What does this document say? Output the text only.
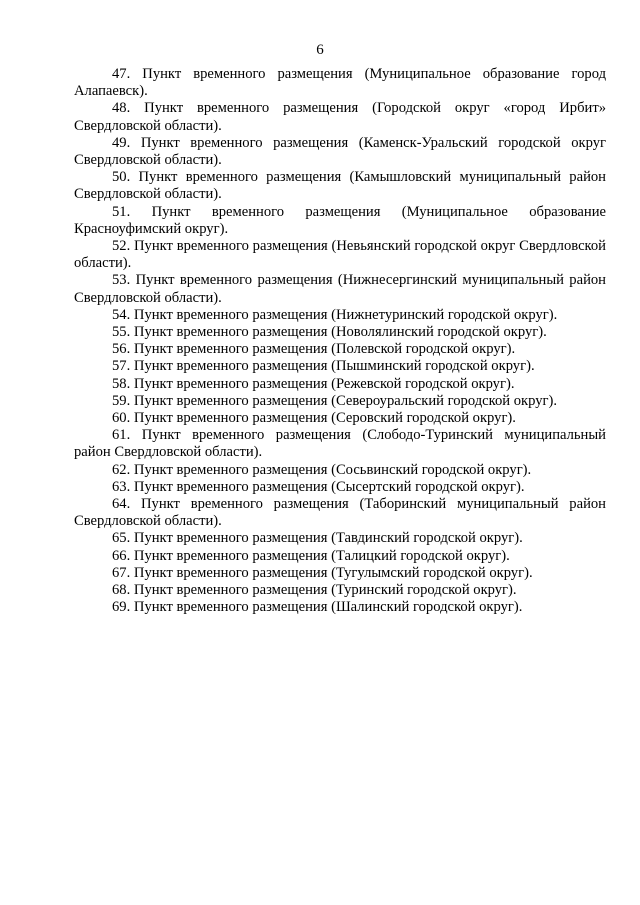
6

47. Пункт временного размещения (Муниципальное образование город Алапаевск).

48. Пункт временного размещения (Городской округ «город Ирбит» Свердловской области).

49. Пункт временного размещения (Каменск-Уральский городской округ Свердловской области).

50. Пункт временного размещения (Камышловский муниципальный район Свердловской области).

51. Пункт временного размещения (Муниципальное образование Красноуфимский округ).

52. Пункт временного размещения (Невьянский городской округ Свердловской области).

53. Пункт временного размещения (Нижнесергинский муниципальный район Свердловской области).

54. Пункт временного размещения (Нижнетуринский городской округ).

55. Пункт временного размещения (Новолялинский городской округ).

56. Пункт временного размещения (Полевской городской округ).

57. Пункт временного размещения (Пышминский городской округ).

58. Пункт временного размещения (Режевской городской округ).

59. Пункт временного размещения (Североуральский городской округ).

60. Пункт временного размещения (Серовский городской округ).

61. Пункт временного размещения (Слободо-Туринский муниципальный район Свердловской области).

62. Пункт временного размещения (Сосьвинский городской округ).

63. Пункт временного размещения (Сысертский городской округ).

64. Пункт временного размещения (Таборинский муниципальный район Свердловской области).

65. Пункт временного размещения (Тавдинский городской округ).

66. Пункт временного размещения (Талицкий городской округ).

67. Пункт временного размещения (Тугулымский городской округ).

68. Пункт временного размещения (Туринский городской округ).

69. Пункт временного размещения (Шалинский городской округ).
